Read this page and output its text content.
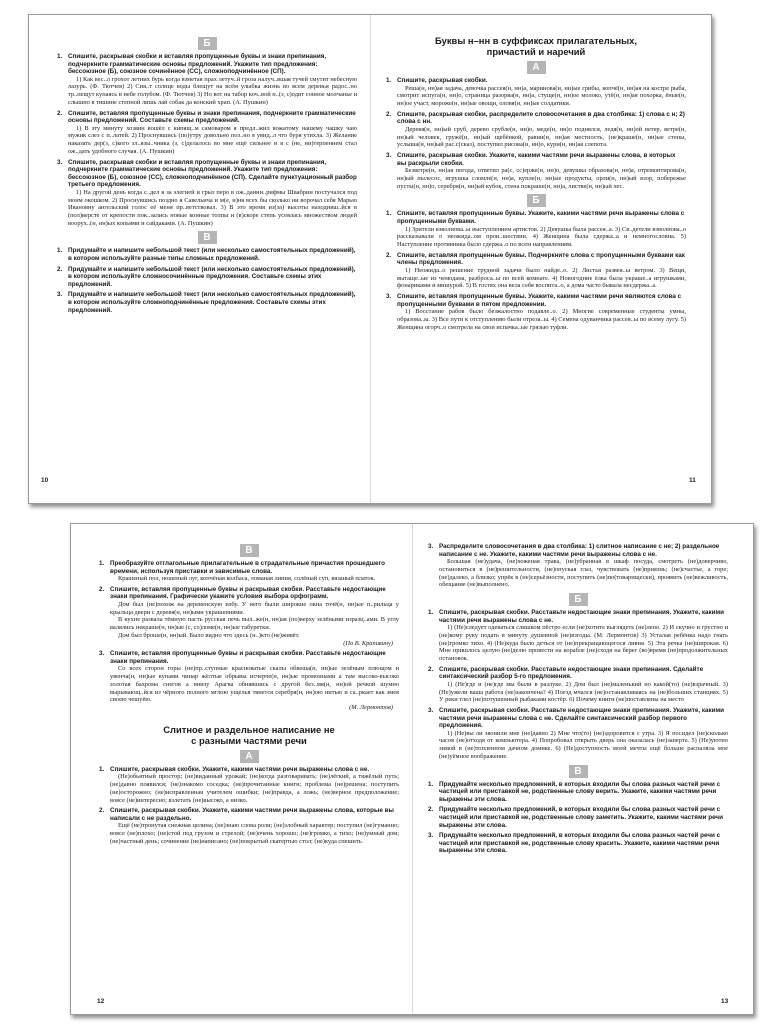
Б
1. Спишите, раскрывая скобки и вставляя пропущенные буквы и знаки препинания, подчеркните грамматические основы предложений. Укажите тип предложения: бессоюзное (Б), союзное сочинённое (СС), сложноподчинённое (СП).

1) Как вес..л грохот летних бурь когда взметая прах летуч..й гроза налуч..вшая тучей смутит небесную лазурь. (Ф. Тютчев) 2) Сия..т солнце воды блещут на всём улыбка жизнь во всем деревья радос..но тр..пещут купаясь в небе голубом. (Ф. Тютчев) 3) Но вот на табор коч..вой н..(з, с)одит сонное молчанье и слышно в тишине степной лишь лай собак да конский храп. (А. Пушкин)

2. Спишите, вставляя пропущенные буквы и знаки препинания, подчеркните грамматические основы предложений. Составьте схемы предложений.

1) В эту минуту хозяин вошёл с кипящ..м самоваром я предл..жил вожатому нашему чашку чаю мужик слез с п..латей. 2) Проснувшись (по)утру довольно поз..но я увид..л что буря утихла. 3) Желание наказать дер(з, с)кого зл..язы..чника (з, с)делалось во мне ещё сильнее и я с (не, ни)терпением стал ож..дать удобного случая. (А. Пушкин)

3. Спишите, раскрывая скобки и вставляя пропущенные буквы и знаки препинания, подчеркните грамматические основы предложений. Укажите тип предложения: бессоюзное (Б), союзное (СС), сложноподчинённое (СП). Сделайте пунктуационный разбор третьего предложения.

1) На другой день когда с..дел я за элегией и грыз перо в ож..дании..рифмы Швабрин постучался под моим окошком. 2) Проснувшись поздно я Савельича и м(е, и)ня всех бы сколько ни ворочал себя Марью Ивановну ангельский голос её меня пр..ветствовал. 3) В это время из(за) высоты находивш..йся в (пол)версте от крепости пок..зались новые конные толпы и (в)скоре степь усеялась множеством людей воорух..(н, нн)ых копьями и сайдаками. (А. Пушкин)

В
1. Придумайте и напишите небольшой текст (или несколько самостоятельных предложений), в котором используйте разные типы сложных предложений.
2. Придумайте и напишите небольшой текст (или несколько самостоятельных предложений), в котором используйте сложносочинённые предложения. Составьте схемы этих предложений.
3. Придумайте и напишите небольшой текст (или несколько самостоятельных предложений), в котором используйте сложноподчинённые предложения. Составьте схемы этих предложений.
10
Буквы н–нн в суффиксах прилагательных,
причастий и наречий
А
1. Спишите, раскрывая скобки.

Реша(н, нн)ая задача, девочка рассея(н, нн)а, маринова(н, нн)ые грибы, копчё(н, нн)ая на костре рыба, смотрит испуга(н, нн)о, страница разорва(н, нн)а, стуще(н, нн)ое молоко, утё(н, нн)ая похорка, ёные(н, нн)ое участ, мороже(н, нн)ые овощи, оловя(н, нн)ые солдатики.

2. Спишите, раскрывая скобки, распределите словосочетания в два столбика: 1) слова с н; 2) слова с нн.

Деревя(н, нн)ый сруб, дерево срубле(н, нн)о, меде(н, нн)о поднялся, ледя(н, нн)ой ветер, ветре(н, нн)ый человек, гружё(н, нн)ый щебёнкой, равни(н, нн)ая местность, (не)краше(н, нн)ые стены, услыша(н, нн)ый рас.с(сказ), поступил рисова(н, нн)о, кури(н, нн)ая слепота.

3. Спишите, раскрывая скобки. Укажите, какими частями речи выражены слова, в которых вы раскрыли скобки.

Безветре(н, нн)ая погода, ответил ра(с, сс)ерже(н, нн)о, девушка образова(н, нн)а, отремонтирова(н, нн)ый пылесос, игрушка сломле(н, нн)а, купле(н, нн)ые продукты, орли(н, нн)ый взор, побережье пусты(н, нн)о, серебря(н, нн)ый кубок, стена покраше(н, нн)а, листве(н, нн)ый лес.

Б
1. Спишите, вставляя пропущенные буквы. Укажите, какими частями речи выражены слова с пропущенными буквами.

1) Зрители взволнова..ы выступлением артистов. 2) Девушка была рассея..а. 3) Св..детели взволнова..о рассказывали о неожида..ом прои..шествии. 4) Женщина была сдержа..а и немногословна. 5) Наступление противника было сдержа..о по всем направлениям.

2. Спишите, вставляя пропущенные буквы. Подчеркните слова с пропущенными буквами как члены предложения.

1) Неожида..о решение трудной задачи было найде..о. 2) Листья развея..ы ветром. 3) Вещи, вытаще..ые из чемодана, разброса..ы по всей комнате. 4) Новогодние ёлка была украше..а игрушками, фонариками и мишурой. 5) В гостях она вела себя воспита..о, а дома часто бывала несдержа..а.

3. Спишите, вставляя пропущенные буквы. Укажите, какими частями речи являются слова с пропущенными буквами в пятом предложении.

1) Восстание рабов было безжалостно подавле..о. 2) Многие современные студенты умны, образова..ы. 3) Все пути к отступлению были отреза..ы. 4) Семена одуванчика рассея..ы по всему лугу. 5) Женщина огорч..о смотрела на свои испачка..ые грязью туфли.

11
В
1. Преобразуйте отглагольные прилагательные в страдательные причастия прошедшего времени, используя приставки и зависимые слова.

Крашеный пол, ношеный луг, копчёная колбаса, ломаная линия, солёный суп, вязаный платок.

2. Спишите, вставляя пропущенные буквы и раскрывая скобки. Расставьте недостающие знаки препинания. Графически укажите условия выбора орфограмм.

Дом был (не)похож на деревенскую избу. У него были широкие окна точё(н, нн)ые п..рильца у крыльца двери с деревя(н, нн)ыми украшениями.

В кухне развала тёмную пасть русская печь выл..же(н, нн)ая (по)верху зелёными изразц..ами. В углу валялись некраше(н, нн)ые (с, со)ломе(н, нн)ые табуретки.

Дом был броше(н, нн)ый. Было видно что здесь (н..)кто (не)живёт.

(По В. Крапивину)

3. Спишите, вставляя пропущенные буквы и раскрывая скобки. Расставьте недостающие знаки препинания.

Со всех сторон горы (не)пр..ступные красноватые скалы обвеша(н, нн)ые зелёным плющом и увенча(н, нн)ые купами чинар жёлтые обрывы исчерче(н, нн)ые промоинами а там высоко-высоко золотая бахрома снегов а внизу Арагва обнявшись с другой без..мя(н, нн)ой речкой шумно вырывающ..йся из чёрного полного мглою ущелья тянется серебря(н, нн)ою нитью и сa..ркает как змея своею чешуёю.

(М. Лермонтов)

Слитное и раздельное написание не
с разными частями речи
А
1. Спишите, раскрывая скобки. Укажите, какими частями речи выражены слова с не.

(Не)обьятный простор; (не)виданный урожай; (не)когда разговаривать; (не)лёгкий, а тяжёлый путь; (не)давно появился; (не)знакомо соседка; (не)прочитанные книги; проблема (не)решена; поступить (не)осторожно; (не)исправленная учителем ошибки; (не)правда, а ложь; (не)верное предположение; вовсе (не)интересно; взлетать (не)высоко, а низко.

2. Спишите, раскрывая скобки. Укажите, какими частями речи выражены слова, которые вы написали с не раздельно.

Ещё (не)тронутая снежная целина; (не)знаю слова роли; (не)злобный характер; поступил (не)гуманно; вовсе (не)плохо; (не)стой под грузом и стрелой; (не)очень хорошо; (не)громко, а тихо; (не)умный дом; (не)частный день; сочинение (не)написано; (не)покрытый скатертью стол; (не)куда спешить.

12
3. Распределите словосочетания в два столбика: 1) слитное написание с не; 2) раздельное написание с не. Укажите, какими частями речи выражены слова с не.

Большая (не)удача, (не)хоженая трава, (не)убранная в шкаф посуда, смотреть (не)доверчиво, остановиться в (не)решительности, (не)опуская глаз, чувствовать (не)приязнь; (не)счастье, а горе; (не)далеко, а близко; упрёк в (не)серьёзности, поступить (не)по(товарищески), проявить (не)вежливость, обещание (не)выполнено.

Б
1. Спишите, раскрывая скобки. Расставьте недостающие знаки препинания. Укажите, какими частями речи выражены слова с не.

1) (Не)следует одеваться слишком пёстро если (не)хотите выглядеть (не)лепо. 2) И скучно и грустно и (не)кому руку подать в минуту душевной (не)взгоды. (М. Лермонтов) 3) Усталая ребёнка надо гнать (не)громко тихо. 4) (Не)куда было деться от (не)прекращающегося ливня. 5) Эта речка (не)широкая. 6) Мне пришлось целую (не)делю провести на корабле (не)сходя на берег (во)время (не)продолжительных остановок.

2. Спишите, раскрывая скобки. Расставьте недостающие знаки препинания. Сделайте синтаксический разбор 5-го предложения.

1) (Не)где и (не)где мы были в разлуке. 2) Дом был (не)маленький но какой(то) (не)взрачный. 3) (Не)ужели ваша работа (не)закончена? 4) Поезд мчался (не)останавливаясь на (не)больших станциях. 5) У реки тлел (не)потушенный рыбаками костёр. 6) Почему книги (не)поставлены на место

3. Спишите, раскрывая скобки. Расставьте недостающие знаки препинания. Укажите, какими частями речи выражены слова с не. Сделайте синтаксический разбор первого предложения.

1) (Не)вы ли звонили мне (не)давно 2) Мне что(то) (не)здоровится с утра. 3) Я посидел (не)сколько часов (не)отходя от компьютера. 4) Попробовал открыть дверь она оказалась (не)заперта. 5) (Не)уютно зимой в (не)топленном дачном домике. 6) (Не)доступность моей мечты ещё больше распаляла мое (не)уёмное воображение.

В
1. Придумайте несколько предложений, в которых входили бы слова разных частей речи с частицей или приставкой не, родственные слову верить. Укажите, какими частями речи выражены эти слова.
2. Придумайте несколько предложений, в которых входили бы слова разных частей речи с частицей или приставкой не, родственные слову заметить. Укажите, какими частями речи выражены эти слова.
3. Придумайте несколько предложений, в которых входили бы слова разных частей речи с частицей или приставкой не, родственные слову красить. Укажите, какими частями речи выражены эти слова.
13
